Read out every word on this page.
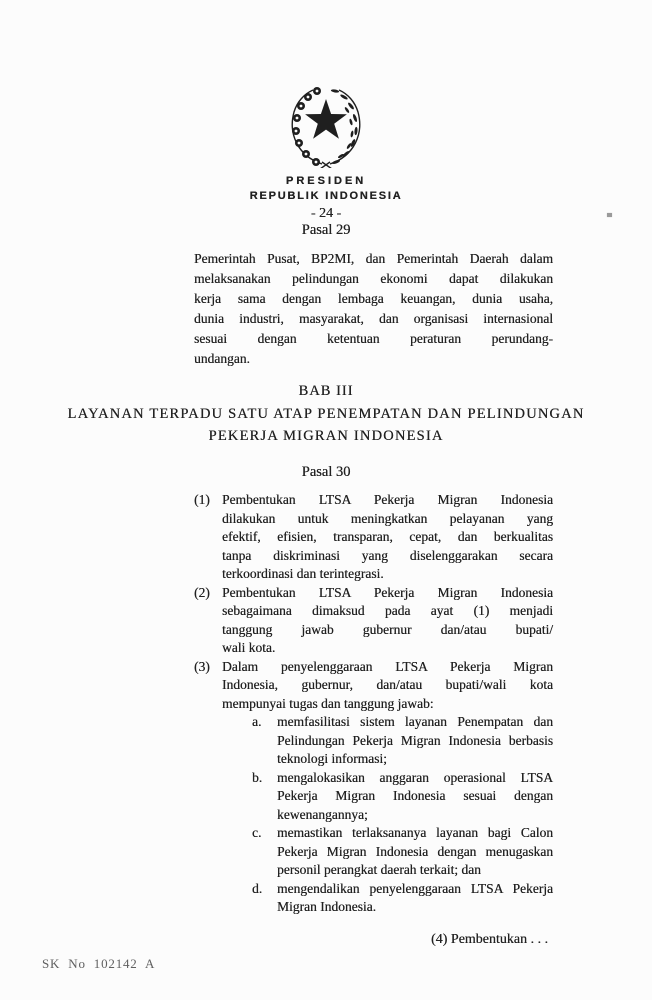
PRESIDEN
REPUBLIK INDONESIA
- 24 -
Pasal 29
Pemerintah Pusat, BP2MI, dan Pemerintah Daerah dalam
melaksanakan pelindungan ekonomi dapat dilakukan
kerja sama dengan lembaga keuangan, dunia usaha,
dunia industri, masyarakat, dan organisasi internasional
sesuai dengan ketentuan peraturan perundang-
undangan.
BAB III
LAYANAN TERPADU SATU ATAP PENEMPATAN DAN PELINDUNGAN
PEKERJA MIGRAN INDONESIA
Pasal 30
(1) Pembentukan LTSA Pekerja Migran Indonesia
dilakukan untuk meningkatkan pelayanan yang
efektif, efisien, transparan, cepat, dan berkualitas
tanpa diskriminasi yang diselenggarakan secara
terkoordinasi dan terintegrasi.
(2) Pembentukan LTSA Pekerja Migran Indonesia
sebagaimana dimaksud pada ayat (1) menjadi
tanggung jawab gubernur dan/atau bupati/
wali kota.
(3) Dalam penyelenggaraan LTSA Pekerja Migran
Indonesia, gubernur, dan/atau bupati/wali kota
mempunyai tugas dan tanggung jawab:
a.	memfasilitasi sistem layanan Penempatan dan
Pelindungan Pekerja Migran Indonesia berbasis
teknologi informasi;
b.	mengalokasikan anggaran operasional LTSA
Pekerja Migran Indonesia sesuai dengan
kewenangannya;
c.	memastikan terlaksananya layanan bagi Calon
Pekerja Migran Indonesia dengan menugaskan
personil perangkat daerah terkait; dan
d.	mengendalikan penyelenggaraan LTSA Pekerja
Migran Indonesia.
(4) Pembentukan . . .
SK No 102142 A
